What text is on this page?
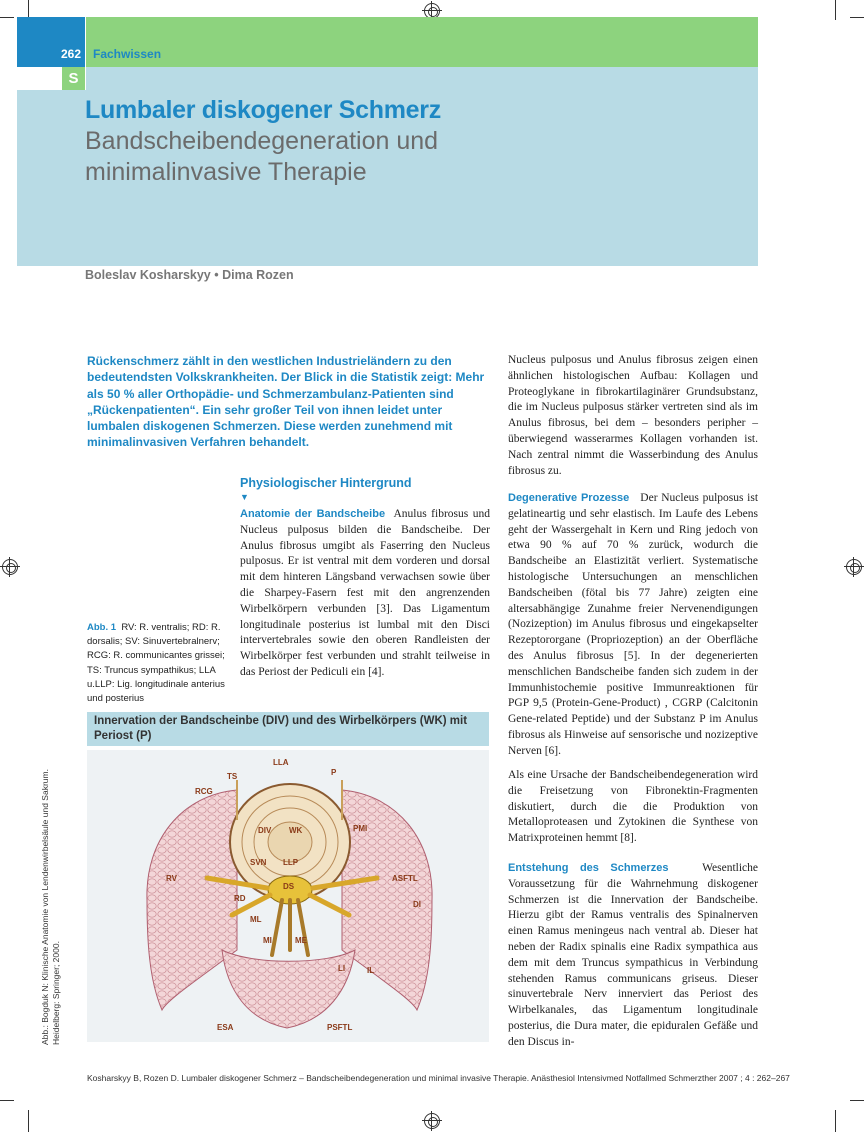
262 Fachwissen
S
Lumbaler diskogener Schmerz
Bandscheibendegeneration und minimalinvasive Therapie
Boleslav Kosharskyy • Dima Rozen
Rückenschmerz zählt in den westlichen Industrieländern zu den bedeutendsten Volkskrankheiten. Der Blick in die Statistik zeigt: Mehr als 50 % aller Orthopädie- und Schmerzambulanz-Patienten sind „Rückenpatienten“. Ein sehr großer Teil von ihnen leidet unter lumbalen diskogenen Schmerzen. Diese werden zunehmend mit minimalinvasiven Verfahren behandelt.
Physiologischer Hintergrund
▼
Anatomie der Bandscheibe Anulus fibrosus und Nucleus pulposus bilden die Bandscheibe. Der Anulus fibrosus umgibt als Faserring den Nucleus pulposus. Er ist ventral mit dem vorderen und dorsal mit dem hinteren Längsband verwachsen sowie über die Sharpey-Fasern fest mit den angrenzenden Wirbelkörpern verbunden [3]. Das Ligamentum longitudinale posterius ist lumbal mit den Disci intervertebrales sowie den oberen Randleisten der Wirbelkörper fest verbunden und strahlt teilweise in das Periost der Pediculi ein [4].
Abb. 1 RV: R. ventralis; RD: R. dorsalis; SV: Sinuvertebralnerv; RCG: R. communicantes grissei; TS: Truncus sympathikus; LLA u.LLP: Lig. longitudinale anterius und posterius
Innervation der Bandscheinbe (DIV) und des Wirbelkörpers (WK) mit Periost (P)
LLA
P
TS
RCG
DIV WK	PMI
SVN LLP
RV
DS
ASFTL
RD
DI
ML
MI	ME
LI	IL
ESA	PSFTL
Abb.: Bogduk N: Klinische Anatomie von Lendenwirbelsäule und Sakrum. Heidelberg: Springer; 2000.
Nucleus pulposus und Anulus fibrosus zeigen einen ähnlichen histologischen Aufbau: Kollagen und Proteoglykane in fibrokartilaginärer Grundsubstanz, die im Nucleus pulposus stärker vertreten sind als im Anulus fibrosus, bei dem – besonders peripher – überwiegend wasserarmes Kollagen vorhanden ist. Nach zentral nimmt die Wasserbindung des Anulus fibrosus zu.
Degenerative Prozesse Der Nucleus pulposus ist gelatineartig und sehr elastisch. Im Laufe des Lebens geht der Wassergehalt in Kern und Ring jedoch von etwa 90 % auf 70 % zurück, wodurch die Bandscheibe an Elastizität verliert. Systematische histologische Untersuchungen an menschlichen Bandscheiben (fötal bis 77 Jahre) zeigten eine altersabhängige Zunahme freier Nervenendigungen (Nozizeption) im Anulus fibrosus und eingekapselter Rezeptororgane (Propriozeption) an der Oberfläche des Anulus fibrosus [5]. In der degenerierten menschlichen Bandscheibe fanden sich zudem in der Immunhistochemie positive Immunreaktionen für PGP 9,5 (Protein-Gene-Product) , CGRP (Calcitonin Gene-related Peptide) und der Substanz P im Anulus fibrosus als Hinweise auf sensorische und nozizeptive Nerven [6].
Als eine Ursache der Bandscheibendegeneration wird die Freisetzung von Fibronektin-Fragmenten diskutiert, durch die die Produktion von Metalloproteasen und Zytokinen die Synthese von Matrixproteinen hemmt [8].
Entstehung des Schmerzes	Wesentliche Voraussetzung für die Wahrnehmung diskogener Schmerzen ist die Innervation der Bandscheibe. Hierzu gibt der Ramus ventralis des Spinalnerven einen Ramus meningeus nach ventral ab. Dieser hat neben der Radix spinalis eine Radix sympathica aus dem mit dem Truncus sympathicus in Verbindung stehenden Ramus communicans griseus. Dieser sinuvertebrale Nerv innerviert das Periost des Wirbelkanales, das Ligamentum longitudinale posterius, die Dura mater, die epiduralen Gefäße und den Discus in-
Kosharskyy B, Rozen D. Lumbaler diskogener Schmerz – Bandscheibendegeneration und minimal invasive Therapie. Anästhesiol Intensivmed Notfallmed Schmerzther 2007 ; 4 : 262–267
